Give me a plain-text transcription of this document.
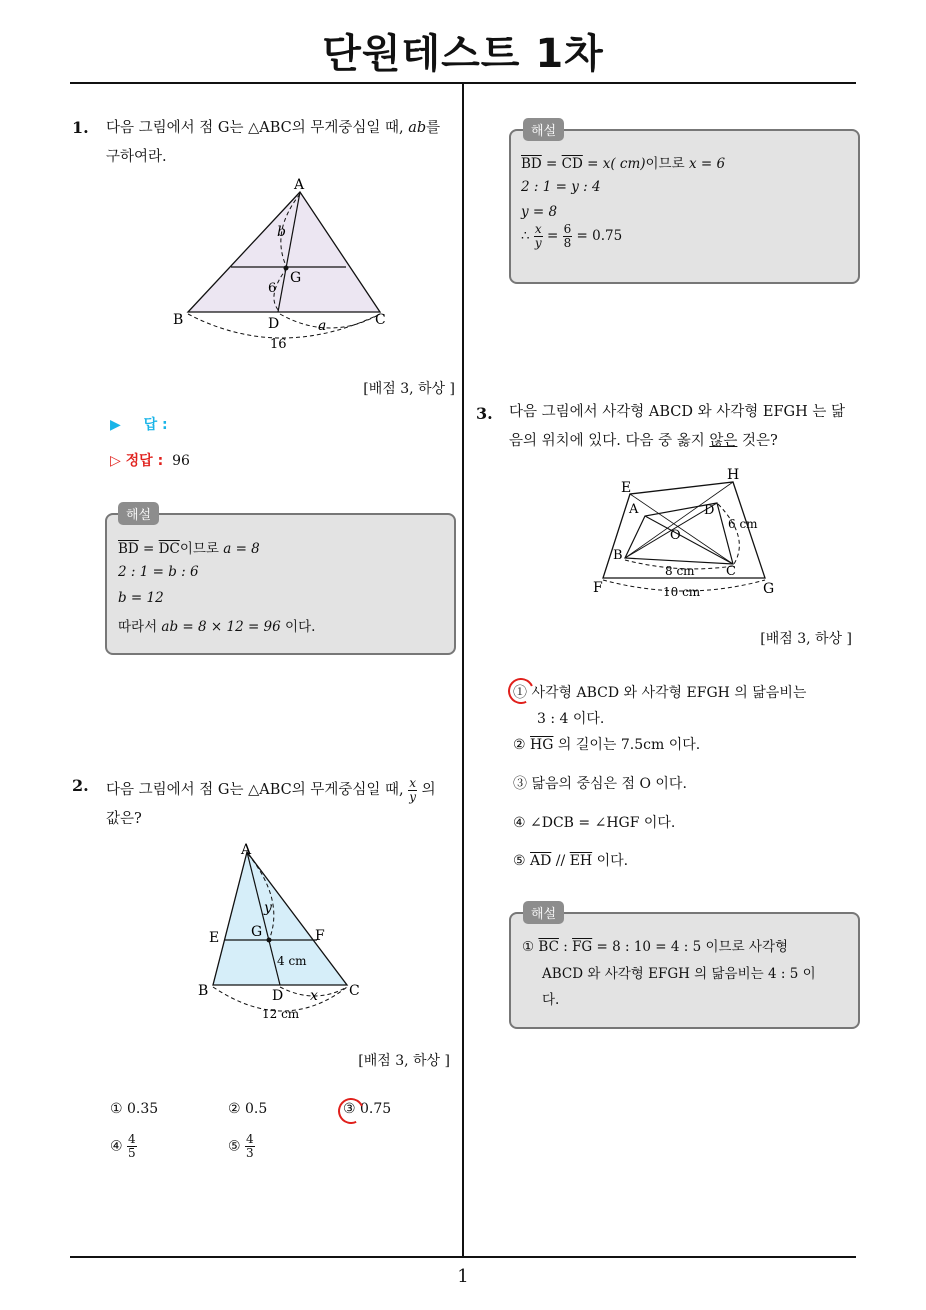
단원테스트 1차
1
1. 다음 그림에서 점 G는 △ABC의 무게중심일 때, ab를
구하여라.
A
B	C
D
G
b
6
a
16
[배점 3, 하상 ]
▶ 답 :
▷ 정답 : 96
해설
$\overline{BD} = \overline{DC}$이므로 a = 8
2 : 1 = b : 6
b = 12
따라서 ab = 8 × 12 = 96 이다.
2. 다음 그림에서 점 G는 △ABC의 무게중심일 때, $\frac{x}{y}$ 의
값은?
A
E	F
G
B	C
D
y
x
4 cm
12 cm
[배점 3, 하상 ]
① 0.35	② 0.5	③ 0.75
④ $\frac{4}{5}$	⑤ $\frac{4}{3}$
해설
$\overline{BD} = \overline{CD} = x$( cm)이므로 x = 6
2 : 1 = y : 4
y = 8
∴ $\frac{x}{y} = \frac{6}{8} = 0.75$
3. 다음 그림에서 사각형 ABCD 와 사각형 EFGH 는 닮
음의 위치에 있다. 다음 중 옳지 않은 것은?
E
H
A	D
O
6 cm
B
C
8 cm
F	G
10 cm
[배점 3, 하상 ]
① 사각형 ABCD 와 사각형 EFGH 의 닮음비는
3 : 4 이다.
② $\overline{HG}$ 의 길이는 7.5cm 이다.
③ 닮음의 중심은 점 O 이다.
④ ∠DCB = ∠HGF 이다.
⑤ $\overline{AD} // \overline{EH}$ 이다.
해설
① $\overline{BC}$ : $\overline{FG} = 8$ : 10 = 4 : 5 이므로 사각형
ABCD 와 사각형 EFGH 의 닮음비는 4 : 5 이
다.
